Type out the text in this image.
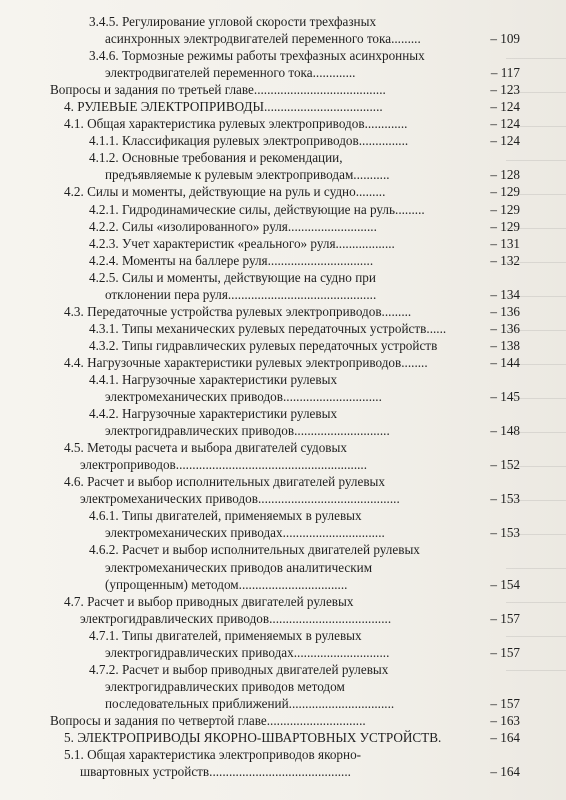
3.4.5. Регулирование угловой скорости трехфазных
асинхронных электродвигателей переменного тока.........	– 109
3.4.6. Тормозные режимы работы трехфазных асинхронных
электродвигателей переменного тока.............	– 117
Вопросы и задания по третьей главе........................................	– 123
4. РУЛЕВЫЕ ЭЛЕКТРОПРИВОДЫ....................................	– 124
4.1. Общая характеристика рулевых электроприводов.............	– 124
4.1.1. Классификация рулевых электроприводов...............	– 124
4.1.2. Основные требования и рекомендации,
предъявляемые к рулевым электроприводам...........	– 128
4.2. Силы и моменты, действующие на руль и судно.........	– 129
4.2.1. Гидродинамические силы, действующие на руль.........	– 129
4.2.2. Силы «изолированного» руля...........................	– 129
4.2.3. Учет характеристик «реального» руля..................	– 131
4.2.4. Моменты на баллере руля................................	– 132
4.2.5. Силы и моменты, действующие на судно при
отклонении пера руля.............................................	– 134
4.3. Передаточные устройства рулевых электроприводов.........	– 136
4.3.1. Типы механических рулевых передаточных устройств......	– 136
4.3.2. Типы гидравлических рулевых передаточных устройств	– 138
4.4. Нагрузочные характеристики рулевых электроприводов........	– 144
4.4.1. Нагрузочные характеристики рулевых
электромеханических приводов..............................	– 145
4.4.2. Нагрузочные характеристики рулевых
электрогидравлических приводов.............................	– 148
4.5. Методы расчета и выбора двигателей судовых
электроприводов..........................................................	– 152
4.6. Расчет и выбор исполнительных двигателей рулевых
электромеханических приводов...........................................	– 153
4.6.1. Типы двигателей, применяемых в рулевых
электромеханических приводах...............................	– 153
4.6.2. Расчет и выбор исполнительных двигателей рулевых
электромеханических приводов аналитическим
(упрощенным) методом.................................	– 154
4.7. Расчет и выбор приводных двигателей рулевых
электрогидравлических приводов.....................................	– 157
4.7.1. Типы двигателей, применяемых в рулевых
электрогидравлических приводах.............................	– 157
4.7.2. Расчет и выбор приводных двигателей рулевых
электрогидравлических приводов методом
последовательных приближений................................	– 157
Вопросы и задания по четвертой главе..............................	– 163
5. ЭЛЕКТРОПРИВОДЫ ЯКОРНО-ШВАРТОВНЫХ УСТРОЙСТВ.	– 164
5.1. Общая характеристика электроприводов якорно-
швартовных устройств...........................................	– 164
